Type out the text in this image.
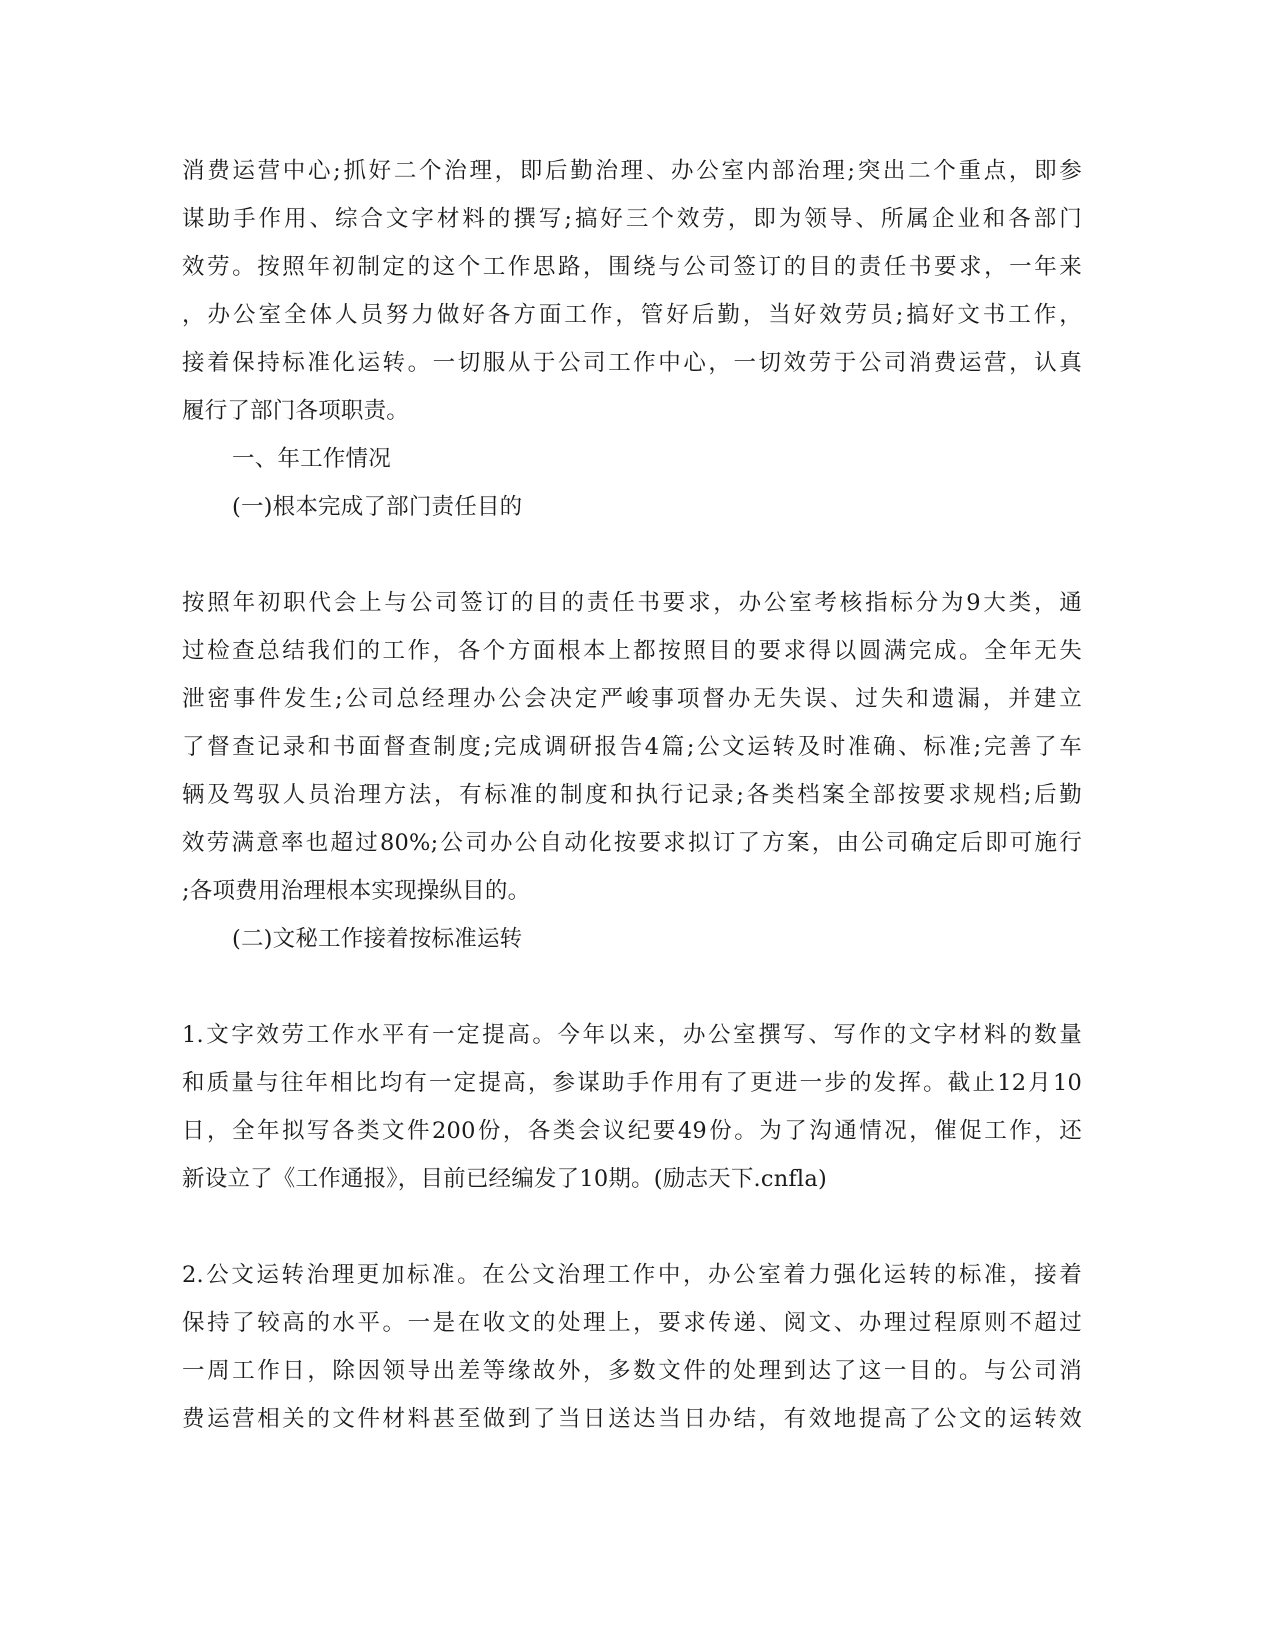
消费运营中心;抓好二个治理，即后勤治理、办公室内部治理;突出二个重点，即参
谋助手作用、综合文字材料的撰写;搞好三个效劳，即为领导、所属企业和各部门
效劳。按照年初制定的这个工作思路，围绕与公司签订的目的责任书要求，一年来
，办公室全体人员努力做好各方面工作，管好后勤，当好效劳员;搞好文书工作，
接着保持标准化运转。一切服从于公司工作中心，一切效劳于公司消费运营，认真
履行了部门各项职责。
一、年工作情况
(一)根本完成了部门责任目的
按照年初职代会上与公司签订的目的责任书要求，办公室考核指标分为9大类，通
过检查总结我们的工作，各个方面根本上都按照目的要求得以圆满完成。全年无失
泄密事件发生;公司总经理办公会决定严峻事项督办无失误、过失和遗漏，并建立
了督查记录和书面督查制度;完成调研报告4篇;公文运转及时准确、标准;完善了车
辆及驾驭人员治理方法，有标准的制度和执行记录;各类档案全部按要求规档;后勤
效劳满意率也超过80%;公司办公自动化按要求拟订了方案，由公司确定后即可施行
;各项费用治理根本实现操纵目的。
(二)文秘工作接着按标准运转
1.文字效劳工作水平有一定提高。今年以来，办公室撰写、写作的文字材料的数量
和质量与往年相比均有一定提高，参谋助手作用有了更进一步的发挥。截止12月10
日，全年拟写各类文件200份，各类会议纪要49份。为了沟通情况，催促工作，还
新设立了《工作通报》，目前已经编发了10期。(励志天下.cnfla)
2.公文运转治理更加标准。在公文治理工作中，办公室着力强化运转的标准，接着
保持了较高的水平。一是在收文的处理上，要求传递、阅文、办理过程原则不超过
一周工作日，除因领导出差等缘故外，多数文件的处理到达了这一目的。与公司消
费运营相关的文件材料甚至做到了当日送达当日办结，有效地提高了公文的运转效
